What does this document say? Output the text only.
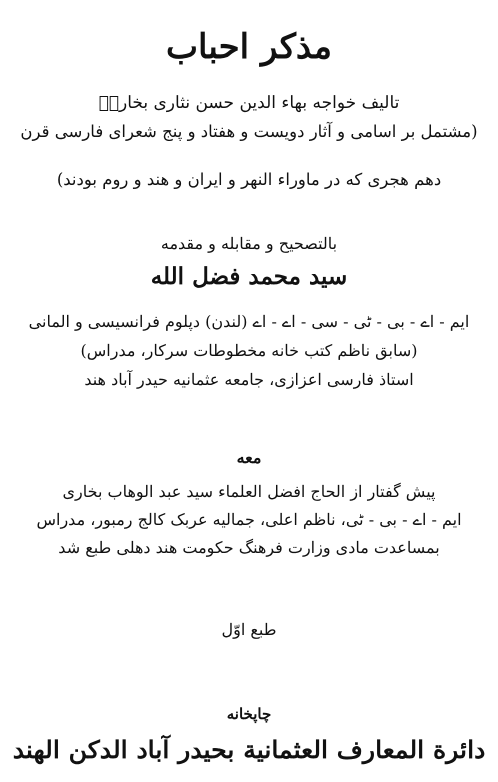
مذکر احباب
تالیف خواجه بهاء الدین حسن نثاری بخاریؒ
(مشتمل بر اسامی و آثار دویست و هفتاد و پنج شعرای فارسی قرن
دهم هجری که در ماوراء النهر و ایران و هند و روم بودند)
بالتصحیح و مقابله و مقدمه
سید محمد فضل الله
ایم - اے - بی - ٹی - سی - اے - اے (لندن) دپلوم فرانسیسی و المانی
(سابق ناظم کتب خانه مخطوطات سرکار، مدراس)
استاذ فارسی اعزازی، جامعه عثمانیه حیدر آباد هند
معه
پیش گفتار از الحاج افضل العلماء سید عبد الوهاب بخاری
ایم - اے - بی - ٹی، ناظم اعلی، جمالیه عربک کالج رمبور، مدراس
بمساعدت مادی وزارت فرهنگ حکومت هند دهلی طبع شد
طبع اوّل
چاپخانه
دائرة المعارف العثمانیة بحیدر آباد الدکن الهند
